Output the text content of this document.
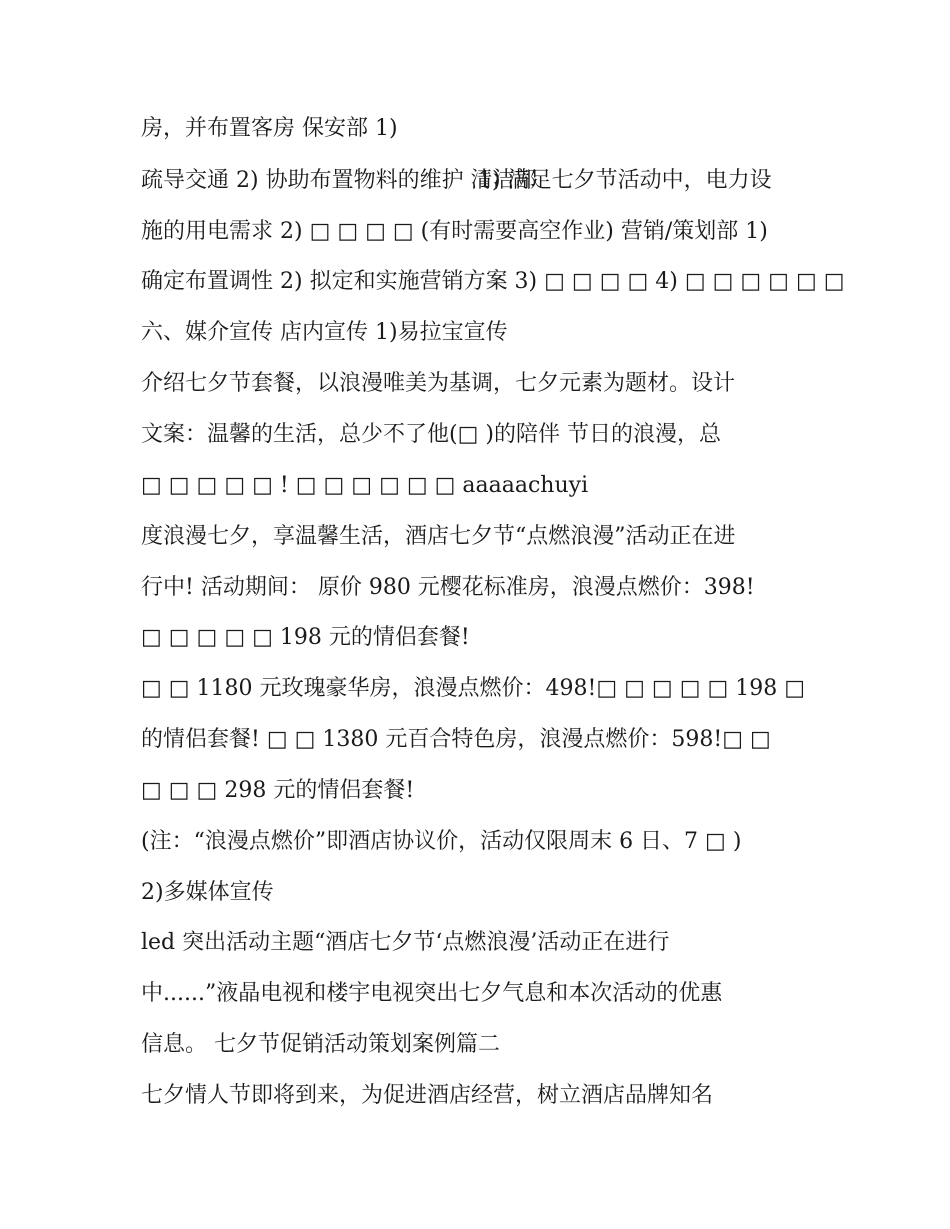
房，并布置客房 保安部 1)
疏导交通 2) 协助布置物料的维护 清洁部
1) 满足七夕节活动中，电力设
施的用电需求 2) □ □ □ □ (有时需要高空作业) 营销/策划部 1)
确定布置调性 2) 拟定和实施营销方案 3) □ □ □ □ 4) □ □ □ □ □ □
六、媒介宣传 店内宣传 1)易拉宝宣传
介绍七夕节套餐，以浪漫唯美为基调，七夕元素为题材。设计
文案：温馨的生活，总少不了他(□ )的陪伴 节日的浪漫，总
□ □ □ □ □ ! □ □ □ □ □ □ aaaaachuyi
度浪漫七夕，享温馨生活，酒店七夕节“点燃浪漫”活动正在进
行中! 活动期间： 原价 980 元樱花标准房，浪漫点燃价：398!
□ □ □ □ □ 198 元的情侣套餐!
□ □ 1180 元玫瑰豪华房，浪漫点燃价：498!□ □ □ □ □ 198 □
的情侣套餐! □ □ 1380 元百合特色房，浪漫点燃价：598!□ □
□ □ □ 298 元的情侣套餐!
(注：“浪漫点燃价”即酒店协议价，活动仅限周末 6 日、7 □ )
2)多媒体宣传
led 突出活动主题“酒店七夕节‘点燃浪漫’活动正在进行
中......”液晶电视和楼宇电视突出七夕气息和本次活动的优惠
信息。 七夕节促销活动策划案例篇二
七夕情人节即将到来，为促进酒店经营，树立酒店品牌知名
